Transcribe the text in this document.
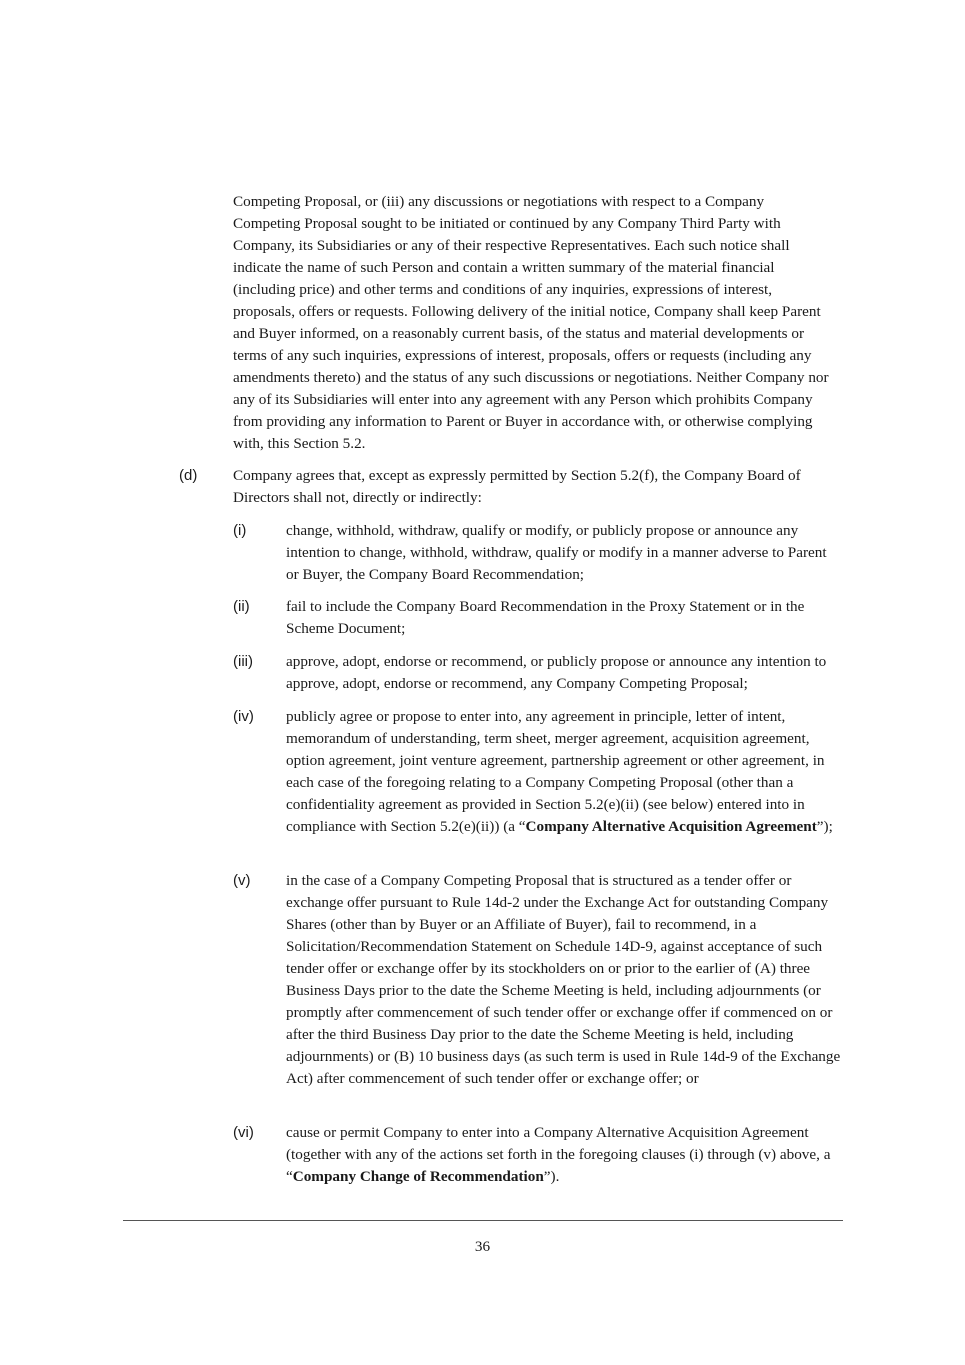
Competing Proposal, or (iii) any discussions or negotiations with respect to a Company Competing Proposal sought to be initiated or continued by any Company Third Party with Company, its Subsidiaries or any of their respective Representatives. Each such notice shall indicate the name of such Person and contain a written summary of the material financial (including price) and other terms and conditions of any inquiries, expressions of interest, proposals, offers or requests. Following delivery of the initial notice, Company shall keep Parent and Buyer informed, on a reasonably current basis, of the status and material developments or terms of any such inquiries, expressions of interest, proposals, offers or requests (including any amendments thereto) and the status of any such discussions or negotiations. Neither Company nor any of its Subsidiaries will enter into any agreement with any Person which prohibits Company from providing any information to Parent or Buyer in accordance with, or otherwise complying with, this Section 5.2.

(d) Company agrees that, except as expressly permitted by Section 5.2(f), the Company Board of Directors shall not, directly or indirectly:

(i)	change, withhold, withdraw, qualify or modify, or publicly propose or announce any intention to change, withhold, withdraw, qualify or modify in a manner adverse to Parent or Buyer, the Company Board Recommendation;

(ii) fail to include the Company Board Recommendation in the Proxy Statement or in the Scheme Document;

(iii) approve, adopt, endorse or recommend, or publicly propose or announce any intention to approve, adopt, endorse or recommend, any Company Competing Proposal;

(iv) publicly agree or propose to enter into, any agreement in principle, letter of intent, memorandum of understanding, term sheet, merger agreement, acquisition agreement, option agreement, joint venture agreement, partnership agreement or other agreement, in each case of the foregoing relating to a Company Competing Proposal (other than a confidentiality agreement as provided in Section 5.2(e)(ii) (see below) entered into in compliance with Section 5.2(e)(ii)) (a “Company Alternative Acquisition Agreement”);

(v) in the case of a Company Competing Proposal that is structured as a tender offer or exchange offer pursuant to Rule 14d-2 under the Exchange Act for outstanding Company Shares (other than by Buyer or an Affiliate of Buyer), fail to recommend, in a Solicitation/Recommendation Statement on Schedule 14D-9, against acceptance of such tender offer or exchange offer by its stockholders on or prior to the earlier of (A) three Business Days prior to the date the Scheme Meeting is held, including adjournments (or promptly after commencement of such tender offer or exchange offer if commenced on or after the third Business Day prior to the date the Scheme Meeting is held, including adjournments) or (B) 10 business days (as such term is used in Rule 14d-9 of the Exchange Act) after commencement of such tender offer or exchange offer; or

(vi) cause or permit Company to enter into a Company Alternative Acquisition Agreement (together with any of the actions set forth in the foregoing clauses (i) through (v) above, a “Company Change of Recommendation”).

36
